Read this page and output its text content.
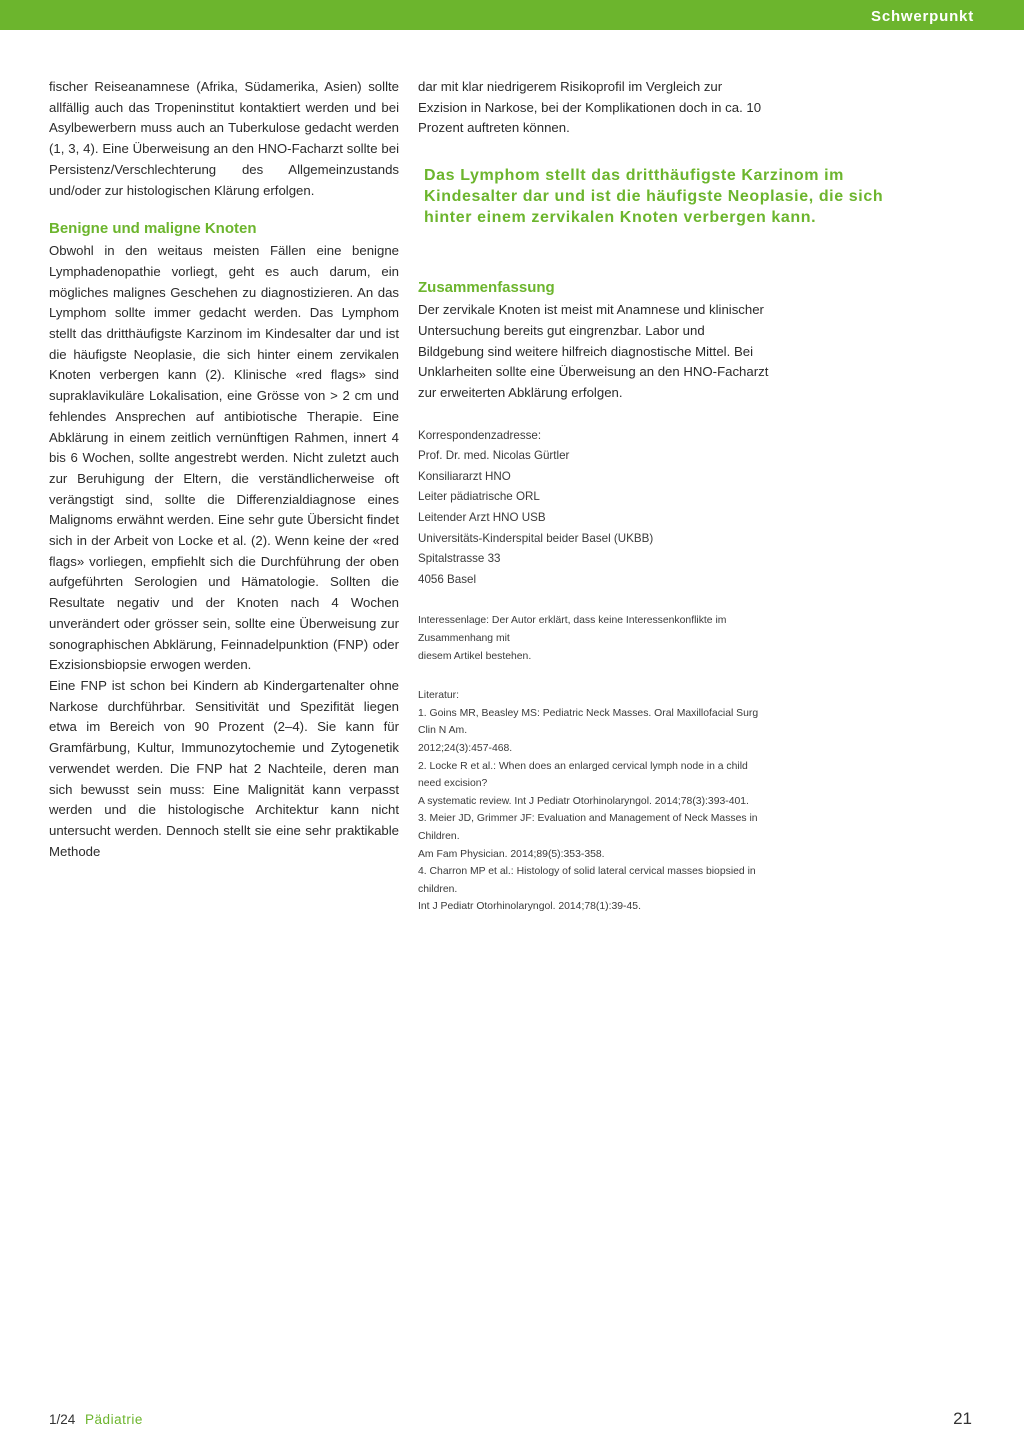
Schwerpunkt

fischer Reiseanamnese (Afrika, Südamerika, Asien) sollte allfällig auch das Tropeninstitut kontaktiert werden und bei Asylbewerbern muss auch an Tuberkulose gedacht werden (1, 3, 4). Eine Überweisung an den HNO-Facharzt sollte bei Persistenz/Verschlechterung des Allgemeinzustands und/oder zur histologischen Klärung erfolgen.

Benigne und maligne Knoten

Obwohl in den weitaus meisten Fällen eine benigne Lymphadenopathie vorliegt, geht es auch darum, ein mögliches malignes Geschehen zu diagnostizieren. An das Lymphom sollte immer gedacht werden. Das Lymphom stellt das dritthäufigste Karzinom im Kindesalter dar und ist die häufigste Neoplasie, die sich hinter einem zervikalen Knoten verbergen kann (2). Klinische «red flags» sind supraklavikuläre Lokalisation, eine Grösse von > 2 cm und fehlendes Ansprechen auf antibiotische Therapie. Eine Abklärung in einem zeitlich vernünftigen Rahmen, innert 4 bis 6 Wochen, sollte angestrebt werden. Nicht zuletzt auch zur Beruhigung der Eltern, die verständlicherweise oft verängstigt sind, sollte die Differenzialdiagnose eines Malignoms erwähnt werden. Eine sehr gute Übersicht findet sich in der Arbeit von Locke et al. (2). Wenn keine der «red flags» vorliegen, empfiehlt sich die Durchführung der oben aufgeführten Serologien und Hämatologie. Sollten die Resultate negativ und der Knoten nach 4 Wochen unverändert oder grösser sein, sollte eine Überweisung zur sonographischen Abklärung, Feinnadelpunktion (FNP) oder Exzisionsbiopsie erwogen werden.

Eine FNP ist schon bei Kindern ab Kindergartenalter ohne Narkose durchführbar. Sensitivität und Spezifität liegen etwa im Bereich von 90 Prozent (2–4). Sie kann für Gramfärbung, Kultur, Immunozytochemie und Zytogenetik verwendet werden. Die FNP hat 2 Nachteile, deren man sich bewusst sein muss: Eine Malignität kann verpasst werden und die histologische Architektur kann nicht untersucht werden. Dennoch stellt sie eine sehr praktikable Methode

dar mit klar niedrigerem Risikoprofil im Vergleich zur Exzision in Narkose, bei der Komplikationen doch in ca. 10 Prozent auftreten können.

Das Lymphom stellt das dritthäufigste Karzinom im Kindesalter dar und ist die häufigste Neoplasie, die sich hinter einem zervikalen Knoten verbergen kann.
Zusammenfassung

Der zervikale Knoten ist meist mit Anamnese und klinischer Untersuchung bereits gut eingrenzbar. Labor und Bildgebung sind weitere hilfreich diagnostische Mittel. Bei Unklarheiten sollte eine Überweisung an den HNO-Facharzt zur erweiterten Abklärung erfolgen.

Korrespondenzadresse:

Prof. Dr. med. Nicolas Gürtler

Konsiliararzt HNO

Leiter pädiatrische ORL

Leitender Arzt HNO USB

Universitäts-Kinderspital beider Basel (UKBB)

Spitalstrasse 33

4056 Basel

Interessenlage: Der Autor erklärt, dass keine Interessenkonflikte im Zusammenhang mit

diesem Artikel bestehen.

Literatur:

1. Goins MR, Beasley MS: Pediatric Neck Masses. Oral Maxillofacial Surg Clin N Am.

2012;24(3):457-468.

2. Locke R et al.: When does an enlarged cervical lymph node in a child need excision?

A systematic review. Int J Pediatr Otorhinolaryngol. 2014;78(3):393-401.

3. Meier JD, Grimmer JF: Evaluation and Management of Neck Masses in Children.

Am Fam Physician. 2014;89(5):353-358.

4. Charron MP et al.: Histology of solid lateral cervical masses biopsied in children.

Int J Pediatr Otorhinolaryngol. 2014;78(1):39-45.

1/24 Pädiatrie	21
